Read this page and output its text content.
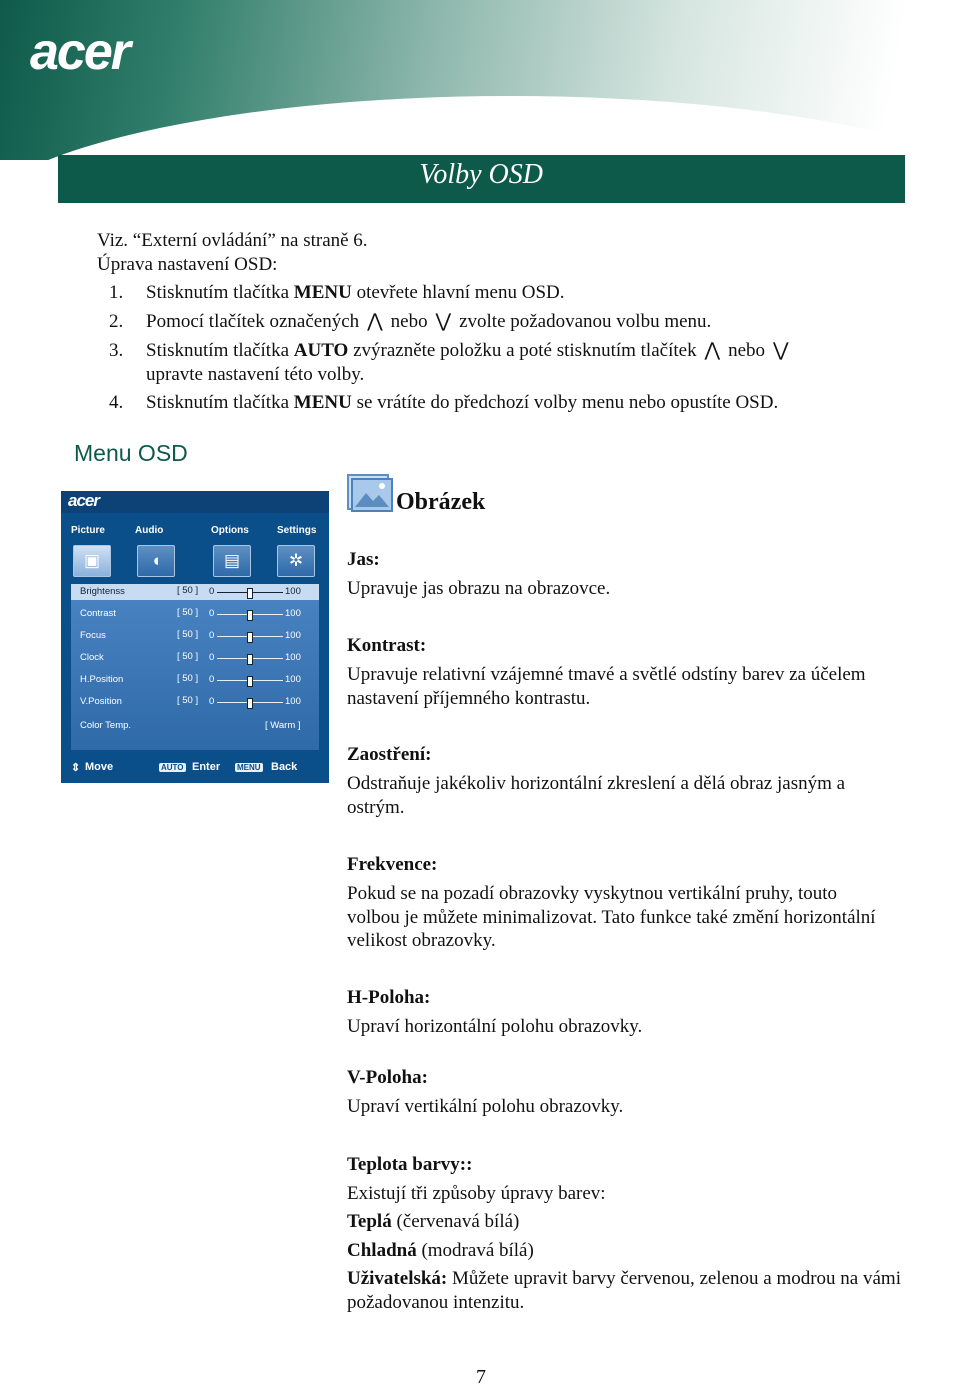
acer
Volby OSD
Viz. “Externí ovládání” na straně 6.
Úprava nastavení OSD:
1. Stisknutím tlačítka MENU otevřete hlavní menu OSD.
2. Pomocí tlačítek označených ⋀ nebo ⋁ zvolte požadovanou volbu menu.
3. Stisknutím tlačítka AUTO zvýrazněte položku a poté stisknutím tlačítek ⋀ nebo ⋁
upravte nastavení této volby.
4. Stisknutím tlačítka MENU se vrátíte do předchozí volby menu nebo opustíte OSD.
Menu OSD
acer
Picture	Audio	Options	Settings
▣	◖	▤	✲
Brightenss	[ 50 ] 0	100
Contrast	[ 50 ] 0	100
Focus	[ 50 ] 0	100
Clock	[ 50 ] 0	100
H.Position	[ 50 ] 0	100
V.Position	[ 50 ] 0	100
Color Temp.	[ Warm ]
⇕ Move	AUTO Enter MENU Back
Obrázek
Jas:
Upravuje jas obrazu na obrazovce.
Kontrast:
Upravuje relativní vzájemné tmavé a světlé odstíny barev za účelem nastavení příjemného kontrastu.
Zaostření:
Odstraňuje jakékoliv horizontální zkreslení a dělá obraz jasným a ostrým.
Frekvence:
Pokud se na pozadí obrazovky vyskytnou vertikální pruhy, touto volbou je můžete minimalizovat. Tato funkce také změní horizontální velikost obrazovky.
H-Poloha:
Upraví horizontální polohu obrazovky.
V-Poloha:
Upraví vertikální polohu obrazovky.
Teplota barvy::
Existují tři způsoby úpravy barev:
Teplá (červenavá bílá)
Chladná (modravá bílá)
Uživatelská: Můžete upravit barvy červenou, zelenou a modrou na vámi požadovanou intenzitu.
7
